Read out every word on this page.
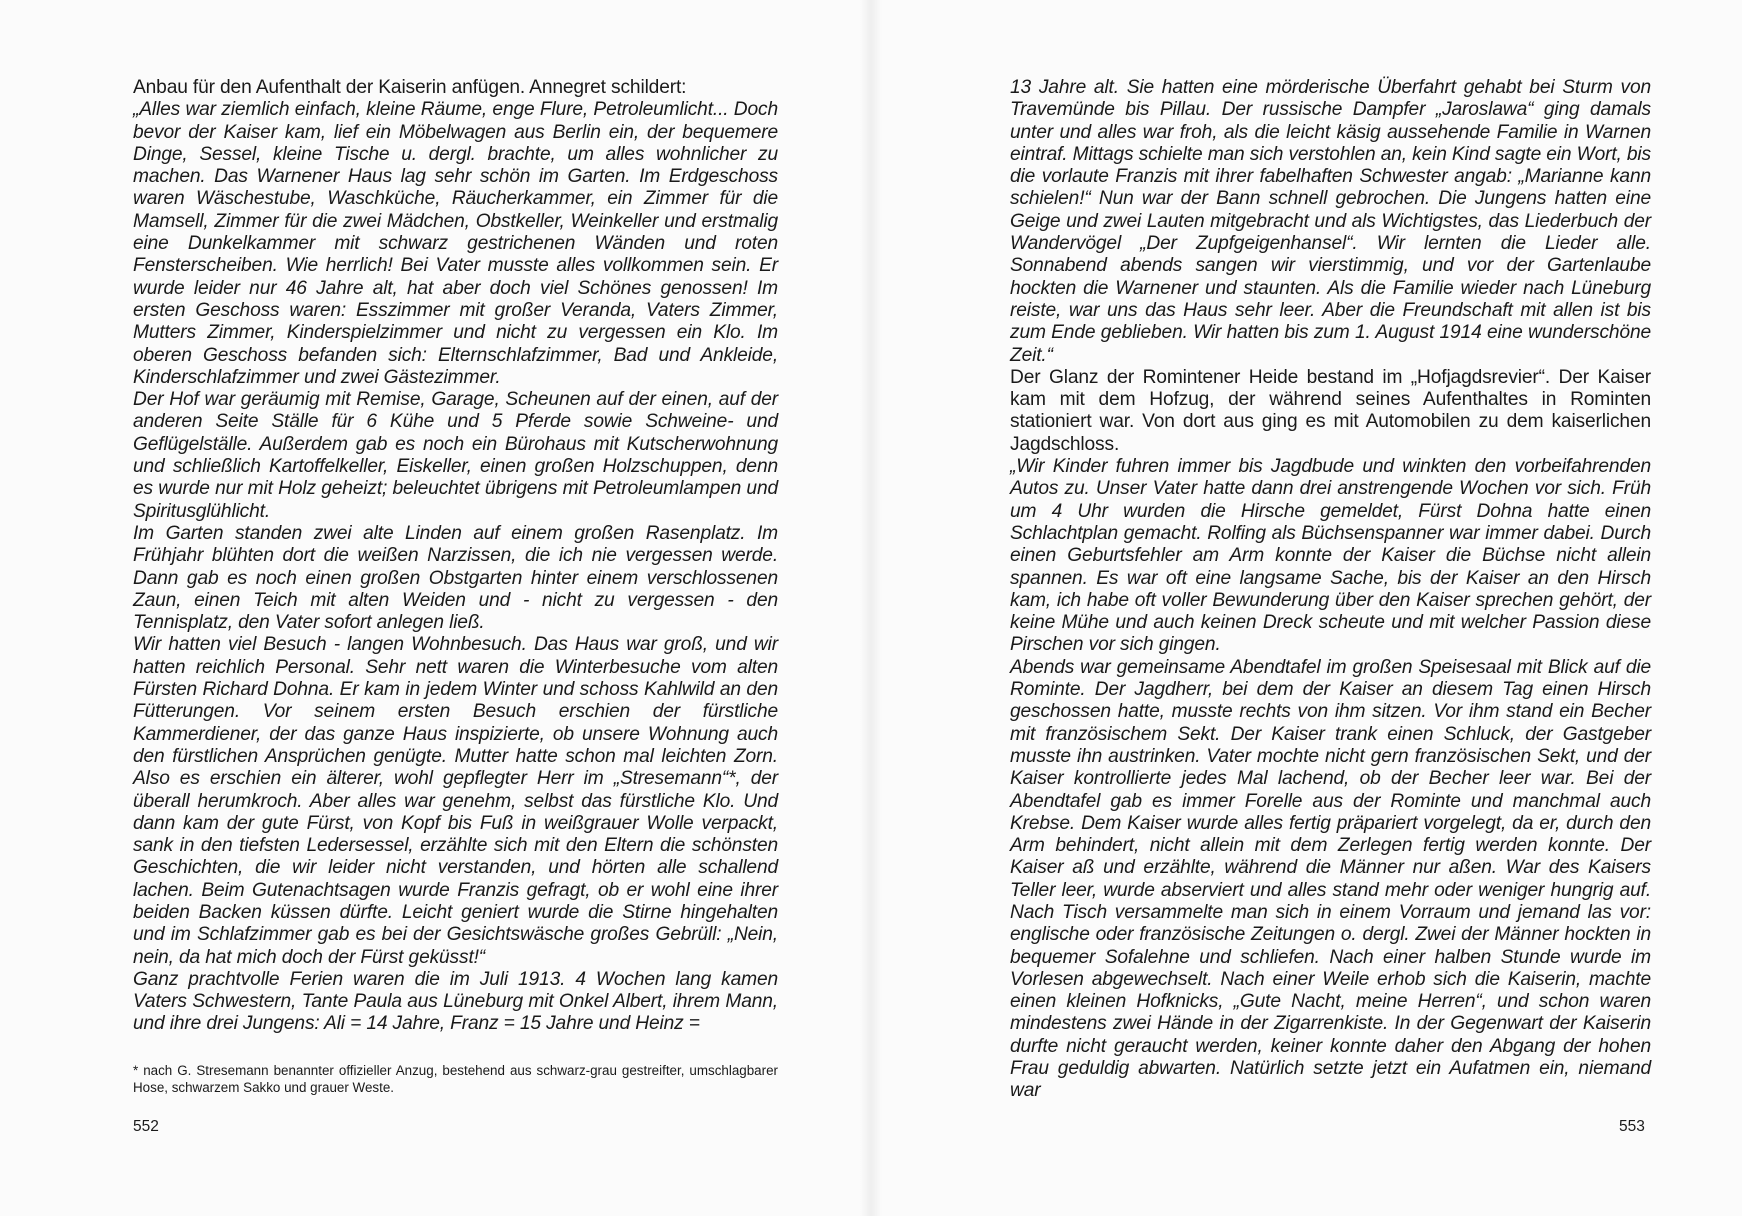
Anbau für den Aufenthalt der Kaiserin anfügen. Annegret schildert:

„Alles war ziemlich einfach, kleine Räume, enge Flure, Petroleumlicht... Doch bevor der Kaiser kam, lief ein Möbelwagen aus Berlin ein, der bequemere Dinge, Sessel, kleine Tische u. dergl. brachte, um alles wohnlicher zu machen. Das Warnener Haus lag sehr schön im Garten. Im Erdgeschoss waren Wäschestube, Waschküche, Räucherkammer, ein Zimmer für die Mamsell, Zimmer für die zwei Mädchen, Obstkeller, Weinkeller und erstmalig eine Dunkelkammer mit schwarz gestrichenen Wänden und roten Fensterscheiben. Wie herrlich! Bei Vater musste alles vollkommen sein. Er wurde leider nur 46 Jahre alt, hat aber doch viel Schönes genossen! Im ersten Geschoss waren: Esszimmer mit großer Veranda, Vaters Zimmer, Mutters Zimmer, Kinderspielzimmer und nicht zu vergessen ein Klo. Im oberen Geschoss befanden sich: Elternschlafzimmer, Bad und Ankleide, Kinderschlafzimmer und zwei Gästezimmer.

Der Hof war geräumig mit Remise, Garage, Scheunen auf der einen, auf der anderen Seite Ställe für 6 Kühe und 5 Pferde sowie Schweine- und Geflügelställe. Außerdem gab es noch ein Bürohaus mit Kutscherwohnung und schließlich Kartoffelkeller, Eiskeller, einen großen Holzschuppen, denn es wurde nur mit Holz geheizt; beleuchtet übrigens mit Petroleumlampen und Spiritusglühlicht.

Im Garten standen zwei alte Linden auf einem großen Rasenplatz. Im Frühjahr blühten dort die weißen Narzissen, die ich nie vergessen werde. Dann gab es noch einen großen Obstgarten hinter einem verschlossenen Zaun, einen Teich mit alten Weiden und - nicht zu vergessen - den Tennisplatz, den Vater sofort anlegen ließ.

Wir hatten viel Besuch - langen Wohnbesuch. Das Haus war groß, und wir hatten reichlich Personal. Sehr nett waren die Winterbesuche vom alten Fürsten Richard Dohna. Er kam in jedem Winter und schoss Kahlwild an den Fütterungen. Vor seinem ersten Besuch erschien der fürstliche Kammerdiener, der das ganze Haus inspizierte, ob unsere Wohnung auch den fürstlichen Ansprüchen genügte. Mutter hatte schon mal leichten Zorn. Also es erschien ein älterer, wohl gepflegter Herr im „Stresemann“*, der überall herumkroch. Aber alles war genehm, selbst das fürstliche Klo. Und dann kam der gute Fürst, von Kopf bis Fuß in weißgrauer Wolle verpackt, sank in den tiefsten Ledersessel, erzählte sich mit den Eltern die schönsten Geschichten, die wir leider nicht verstanden, und hörten alle schallend lachen. Beim Gutenachtsagen wurde Franzis gefragt, ob er wohl eine ihrer beiden Backen küssen dürfte. Leicht geniert wurde die Stirne hingehalten und im Schlafzimmer gab es bei der Gesichtswäsche großes Gebrüll: „Nein, nein, da hat mich doch der Fürst geküsst!“

Ganz prachtvolle Ferien waren die im Juli 1913. 4 Wochen lang kamen Vaters Schwestern, Tante Paula aus Lüneburg mit Onkel Albert, ihrem Mann, und ihre drei Jungens: Ali = 14 Jahre, Franz = 15 Jahre und Heinz =

* nach G. Stresemann benannter offizieller Anzug, bestehend aus schwarz-grau gestreifter, umschlagbarer Hose, schwarzem Sakko und grauer Weste.
552

13 Jahre alt. Sie hatten eine mörderische Überfahrt gehabt bei Sturm von Travemünde bis Pillau. Der russische Dampfer „Jaroslawa“ ging damals unter und alles war froh, als die leicht käsig aussehende Familie in Warnen eintraf. Mittags schielte man sich verstohlen an, kein Kind sagte ein Wort, bis die vorlaute Franzis mit ihrer fabelhaften Schwester angab: „Marianne kann schielen!“ Nun war der Bann schnell gebrochen. Die Jungens hatten eine Geige und zwei Lauten mitgebracht und als Wichtigstes, das Liederbuch der Wandervögel „Der Zupfgeigenhansel“. Wir lernten die Lieder alle. Sonnabend abends sangen wir vierstimmig, und vor der Gartenlaube hockten die Warnener und staunten. Als die Familie wieder nach Lüneburg reiste, war uns das Haus sehr leer. Aber die Freundschaft mit allen ist bis zum Ende geblieben. Wir hatten bis zum 1. August 1914 eine wunderschöne Zeit.“

Der Glanz der Romintener Heide bestand im „Hofjagdsrevier“. Der Kaiser kam mit dem Hofzug, der während seines Aufenthaltes in Rominten stationiert war. Von dort aus ging es mit Automobilen zu dem kaiserlichen Jagdschloss.

„Wir Kinder fuhren immer bis Jagdbude und winkten den vorbeifahrenden Autos zu. Unser Vater hatte dann drei anstrengende Wochen vor sich. Früh um 4 Uhr wurden die Hirsche gemeldet, Fürst Dohna hatte einen Schlachtplan gemacht. Rolfing als Büchsenspanner war immer dabei. Durch einen Geburtsfehler am Arm konnte der Kaiser die Büchse nicht allein spannen. Es war oft eine langsame Sache, bis der Kaiser an den Hirsch kam, ich habe oft voller Bewunderung über den Kaiser sprechen gehört, der keine Mühe und auch keinen Dreck scheute und mit welcher Passion diese Pirschen vor sich gingen.

Abends war gemeinsame Abendtafel im großen Speisesaal mit Blick auf die Rominte. Der Jagdherr, bei dem der Kaiser an diesem Tag einen Hirsch geschossen hatte, musste rechts von ihm sitzen. Vor ihm stand ein Becher mit französischem Sekt. Der Kaiser trank einen Schluck, der Gastgeber musste ihn austrinken. Vater mochte nicht gern französischen Sekt, und der Kaiser kontrollierte jedes Mal lachend, ob der Becher leer war. Bei der Abendtafel gab es immer Forelle aus der Rominte und manchmal auch Krebse. Dem Kaiser wurde alles fertig präpariert vorgelegt, da er, durch den Arm behindert, nicht allein mit dem Zerlegen fertig werden konnte. Der Kaiser aß und erzählte, während die Männer nur aßen. War des Kaisers Teller leer, wurde abserviert und alles stand mehr oder weniger hungrig auf. Nach Tisch versammelte man sich in einem Vorraum und jemand las vor: englische oder französische Zeitungen o. dergl. Zwei der Männer hockten in bequemer Sofalehne und schliefen. Nach einer halben Stunde wurde im Vorlesen abgewechselt. Nach einer Weile erhob sich die Kaiserin, machte einen kleinen Hofknicks, „Gute Nacht, meine Herren“, und schon waren mindestens zwei Hände in der Zigarrenkiste. In der Gegenwart der Kaiserin durfte nicht geraucht werden, keiner konnte daher den Abgang der hohen Frau geduldig abwarten. Natürlich setzte jetzt ein Aufatmen ein, niemand war

553
